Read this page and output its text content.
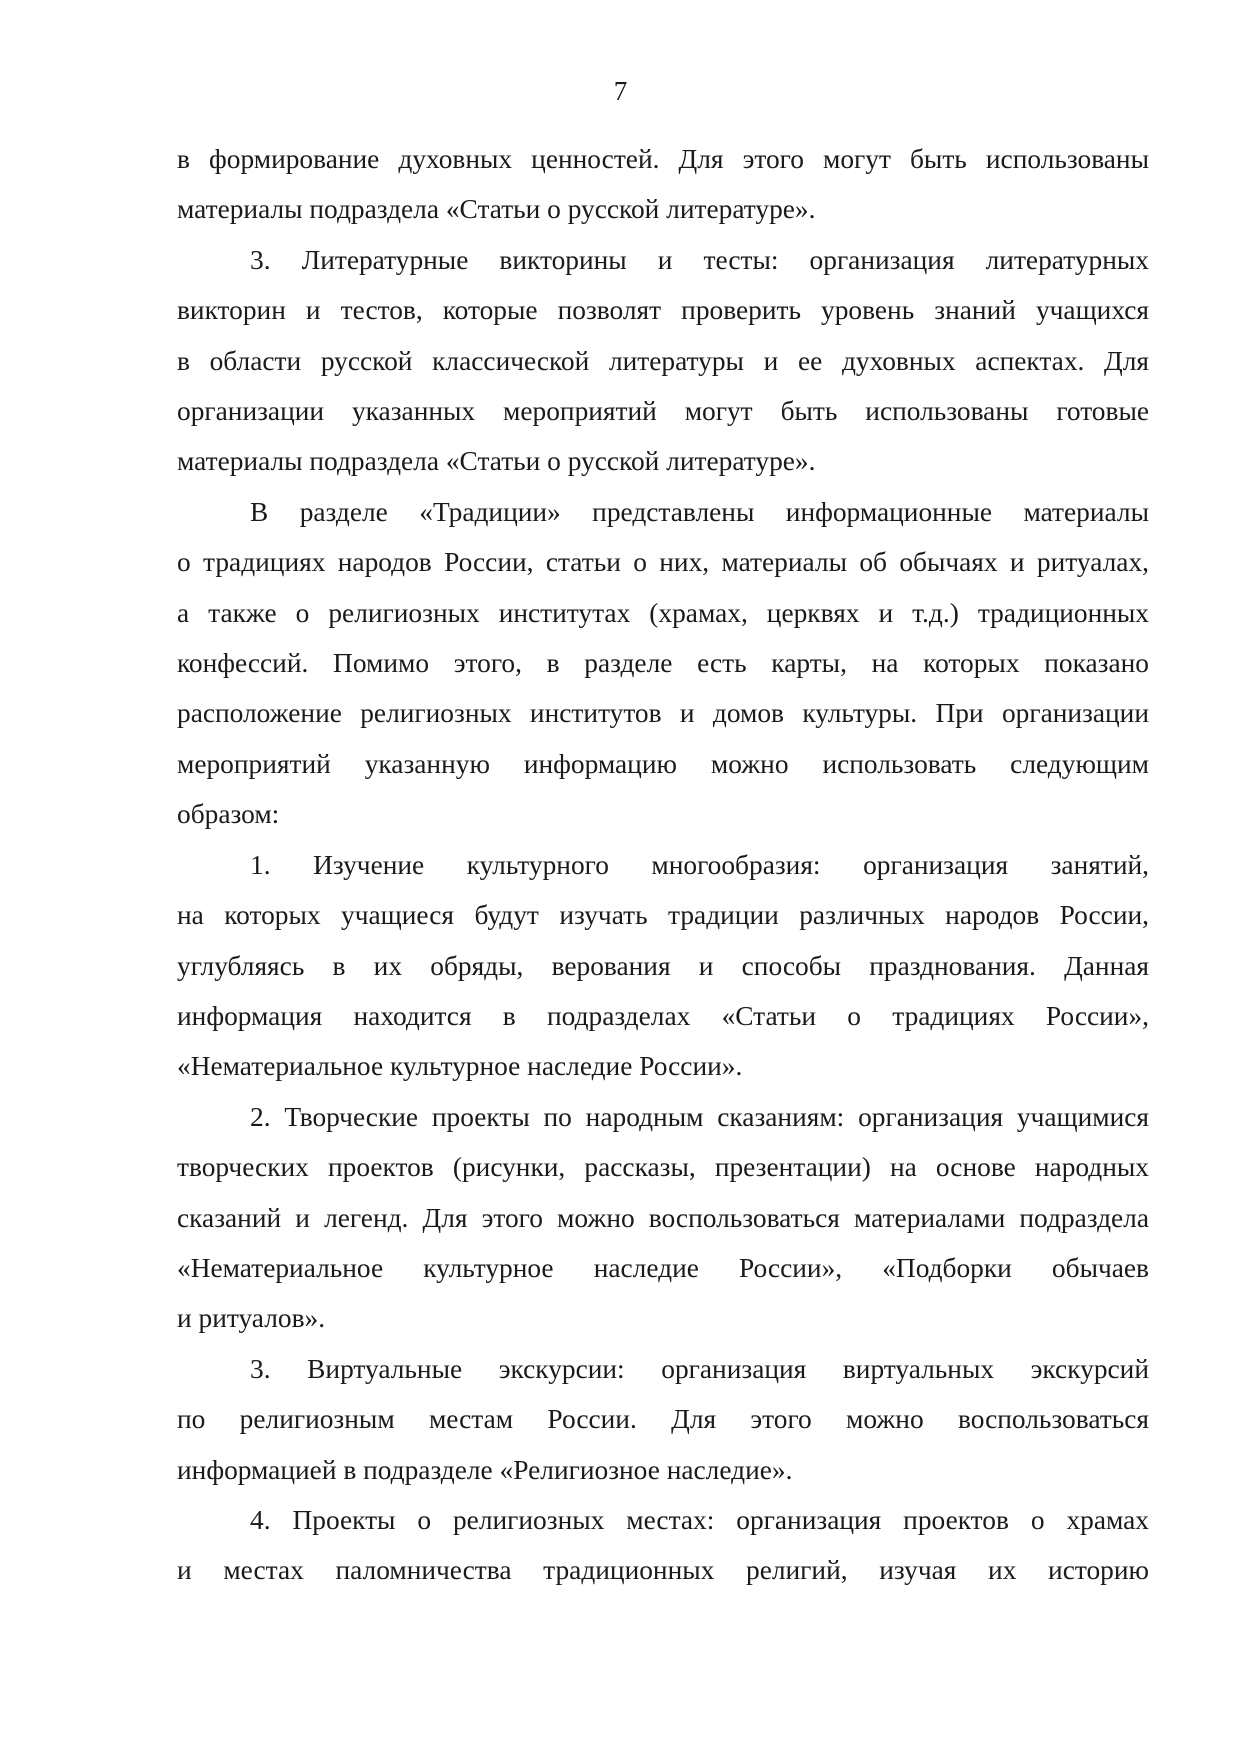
7
в формирование духовных ценностей. Для этого могут быть использованы
материалы подраздела «Статьи о русской литературе».
3. Литературные викторины и тесты: организация литературных
викторин и тестов, которые позволят проверить уровень знаний учащихся
в области русской классической литературы и ее духовных аспектах. Для
организации указанных мероприятий могут быть использованы готовые
материалы подраздела «Статьи о русской литературе».
В разделе «Традиции» представлены информационные материалы
о традициях народов России, статьи о них, материалы об обычаях и ритуалах,
а также о религиозных институтах (храмах, церквях и т.д.) традиционных
конфессий. Помимо этого, в разделе есть карты, на которых показано
расположение религиозных институтов и домов культуры. При организации
мероприятий указанную информацию можно использовать следующим
образом:
1. Изучение культурного многообразия: организация занятий,
на которых учащиеся будут изучать традиции различных народов России,
углубляясь в их обряды, верования и способы празднования. Данная
информация находится в подразделах «Статьи о традициях России»,
«Нематериальное культурное наследие России».
2. Творческие проекты по народным сказаниям: организация учащимися
творческих проектов (рисунки, рассказы, презентации) на основе народных
сказаний и легенд. Для этого можно воспользоваться материалами подраздела
«Нематериальное культурное наследие России», «Подборки обычаев
и ритуалов».
3. Виртуальные экскурсии: организация виртуальных экскурсий
по религиозным местам России. Для этого можно воспользоваться
информацией в подразделе «Религиозное наследие».
4. Проекты о религиозных местах: организация проектов о храмах
и местах паломничества традиционных религий, изучая их историю
